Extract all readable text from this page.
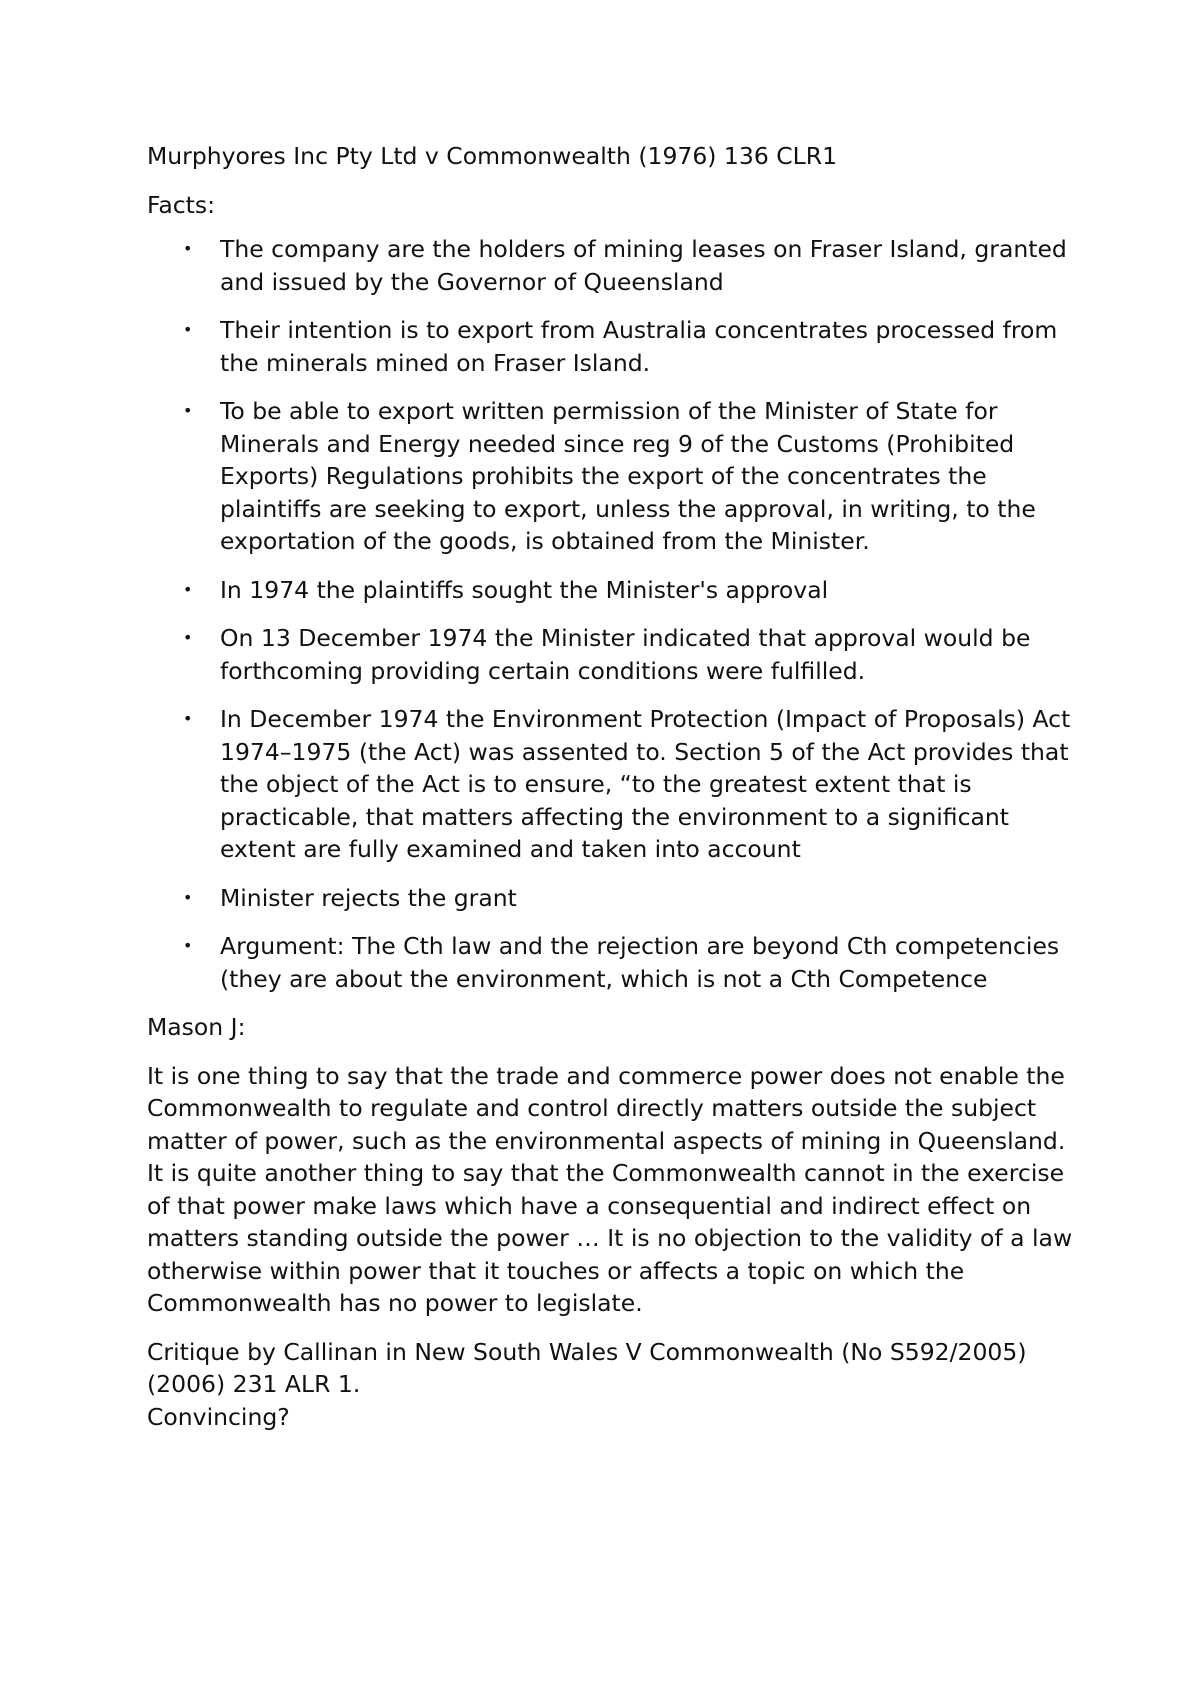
Murphyores Inc Pty Ltd v Commonwealth (1976) 136 CLR1

Facts:

• The company are the holders of mining leases on Fraser Island, granted and issued by the Governor of Queensland
• Their intention is to export from Australia concentrates processed from the minerals mined on Fraser Island.
• To be able to export written permission of the Minister of State for Minerals and Energy needed since reg 9 of the Customs (Prohibited Exports) Regulations prohibits the export of the concentrates the plaintiffs are seeking to export, unless the approval, in writing, to the exportation of the goods, is obtained from the Minister.
• In 1974 the plaintiffs sought the Minister's approval
• On 13 December 1974 the Minister indicated that approval would be forthcoming providing certain conditions were fulfilled.
• In December 1974 the Environment Protection (Impact of Proposals) Act 1974–1975 (the Act) was assented to. Section 5 of the Act provides that the object of the Act is to ensure, “to the greatest extent that is practicable, that matters affecting the environment to a significant extent are fully examined and taken into account
• Minister rejects the grant
• Argument: The Cth law and the rejection are beyond Cth competencies (they are about the environment, which is not a Cth Competence

Mason J:

It is one thing to say that the trade and commerce power does not enable the Commonwealth to regulate and control directly matters outside the subject matter of power, such as the environmental aspects of mining in Queensland. It is quite another thing to say that the Commonwealth cannot in the exercise of that power make laws which have a consequential and indirect effect on matters standing outside the power … It is no objection to the validity of a law otherwise within power that it touches or affects a topic on which the Commonwealth has no power to legislate.

Critique by Callinan in New South Wales V Commonwealth (No S592/2005) (2006) 231 ALR 1.

Convincing?
